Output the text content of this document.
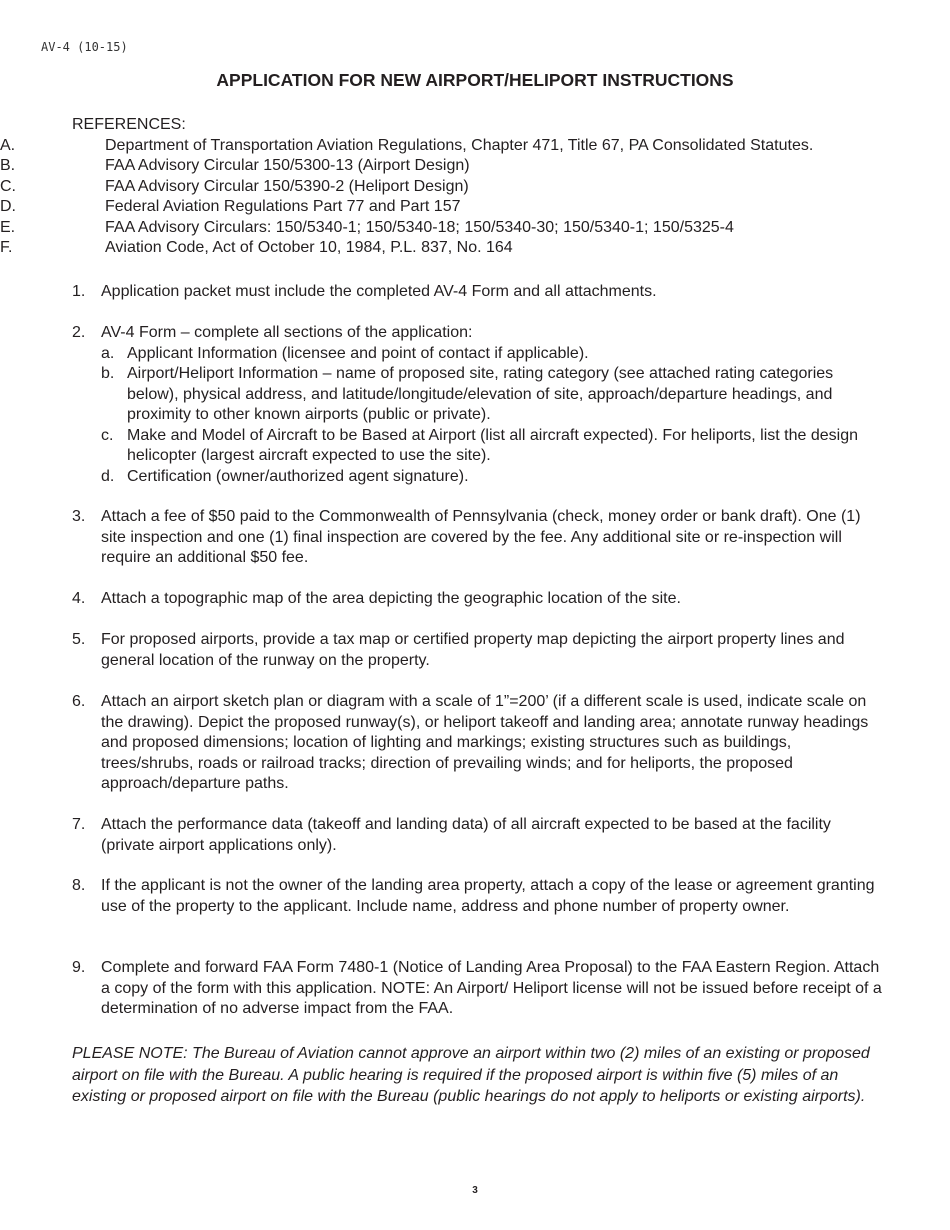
AV-4 (10-15)
APPLICATION FOR NEW AIRPORT/HELIPORT INSTRUCTIONS
REFERENCES:
A.	Department of Transportation Aviation Regulations, Chapter 471, Title 67, PA Consolidated Statutes.
B.	FAA Advisory Circular 150/5300-13 (Airport Design)
C.	FAA Advisory Circular 150/5390-2 (Heliport Design)
D.	Federal Aviation Regulations Part 77 and Part 157
E.	FAA Advisory Circulars: 150/5340-1; 150/5340-18; 150/5340-30; 150/5340-1; 150/5325-4
F.	Aviation Code, Act of October 10, 1984, P.L. 837, No. 164
1. Application packet must include the completed AV-4 Form and all attachments.
2. AV-4 Form – complete all sections of the application:
a. Applicant Information (licensee and point of contact if applicable).
b. Airport/Heliport Information – name of proposed site, rating category (see attached rating categories below), physical address, and latitude/longitude/elevation of site, approach/departure headings, and proximity to other known airports (public or private).
c. Make and Model of Aircraft to be Based at Airport (list all aircraft expected). For heliports, list the design helicopter (largest aircraft expected to use the site).
d. Certification (owner/authorized agent signature).
3. Attach a fee of $50 paid to the Commonwealth of Pennsylvania (check, money order or bank draft). One (1) site inspection and one (1) final inspection are covered by the fee. Any additional site or re-inspection will require an additional $50 fee.
4. Attach a topographic map of the area depicting the geographic location of the site.
5. For proposed airports, provide a tax map or certified property map depicting the airport property lines and general location of the runway on the property.
6. Attach an airport sketch plan or diagram with a scale of 1”=200’ (if a different scale is used, indicate scale on the drawing). Depict the proposed runway(s), or heliport takeoff and landing area; annotate runway headings and proposed dimensions; location of lighting and markings; existing structures such as buildings, trees/shrubs, roads or railroad tracks; direction of prevailing winds; and for heliports, the proposed approach/departure paths.
7. Attach the performance data (takeoff and landing data) of all aircraft expected to be based at the facility (private airport applications only).
8. If the applicant is not the owner of the landing area property, attach a copy of the lease or agreement granting use of the property to the applicant. Include name, address and phone number of property owner.
9. Complete and forward FAA Form 7480-1 (Notice of Landing Area Proposal) to the FAA Eastern Region. Attach a copy of the form with this application. NOTE: An Airport/ Heliport license will not be issued before receipt of a determination of no adverse impact from the FAA.
PLEASE NOTE: The Bureau of Aviation cannot approve an airport within two (2) miles of an existing or proposed airport on file with the Bureau. A public hearing is required if the proposed airport is within five (5) miles of an existing or proposed airport on file with the Bureau (public hearings do not apply to heliports or existing airports).
3
